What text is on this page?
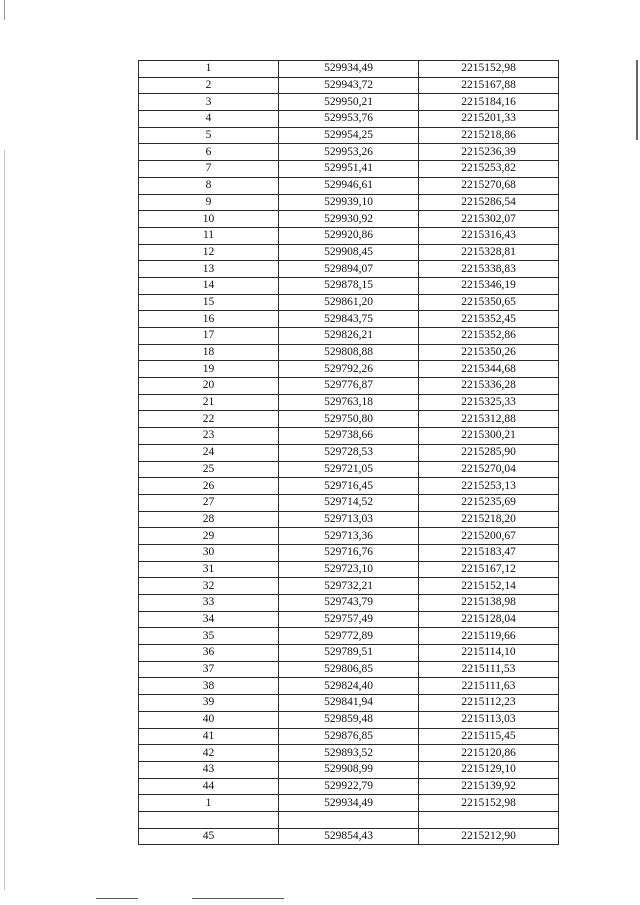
1	529934,49	2215152,98
2	529943,72	2215167,88
3	529950,21	2215184,16
4	529953,76	2215201,33
5	529954,25	2215218,86
6	529953,26	2215236,39
7	529951,41	2215253,82
8	529946,61	2215270,68
9	529939,10	2215286,54
10	529930,92	2215302,07
11	529920,86	2215316,43
12	529908,45	2215328,81
13	529894,07	2215338,83
14	529878,15	2215346,19
15	529861,20	2215350,65
16	529843,75	2215352,45
17	529826,21	2215352,86
18	529808,88	2215350,26
19	529792,26	2215344,68
20	529776,87	2215336,28
21	529763,18	2215325,33
22	529750,80	2215312,88
23	529738,66	2215300,21
24	529728,53	2215285,90
25	529721,05	2215270,04
26	529716,45	2215253,13
27	529714,52	2215235,69
28	529713,03	2215218,20
29	529713,36	2215200,67
30	529716,76	2215183,47
31	529723,10	2215167,12
32	529732,21	2215152,14
33	529743,79	2215138,98
34	529757,49	2215128,04
35	529772,89	2215119,66
36	529789,51	2215114,10
37	529806,85	2215111,53
38	529824,40	2215111,63
39	529841,94	2215112,23
40	529859,48	2215113,03
41	529876,85	2215115,45
42	529893,52	2215120,86
43	529908,99	2215129,10
44	529922,79	2215139,92
1	529934,49	2215152,98

45	529854,43	2215212,90
